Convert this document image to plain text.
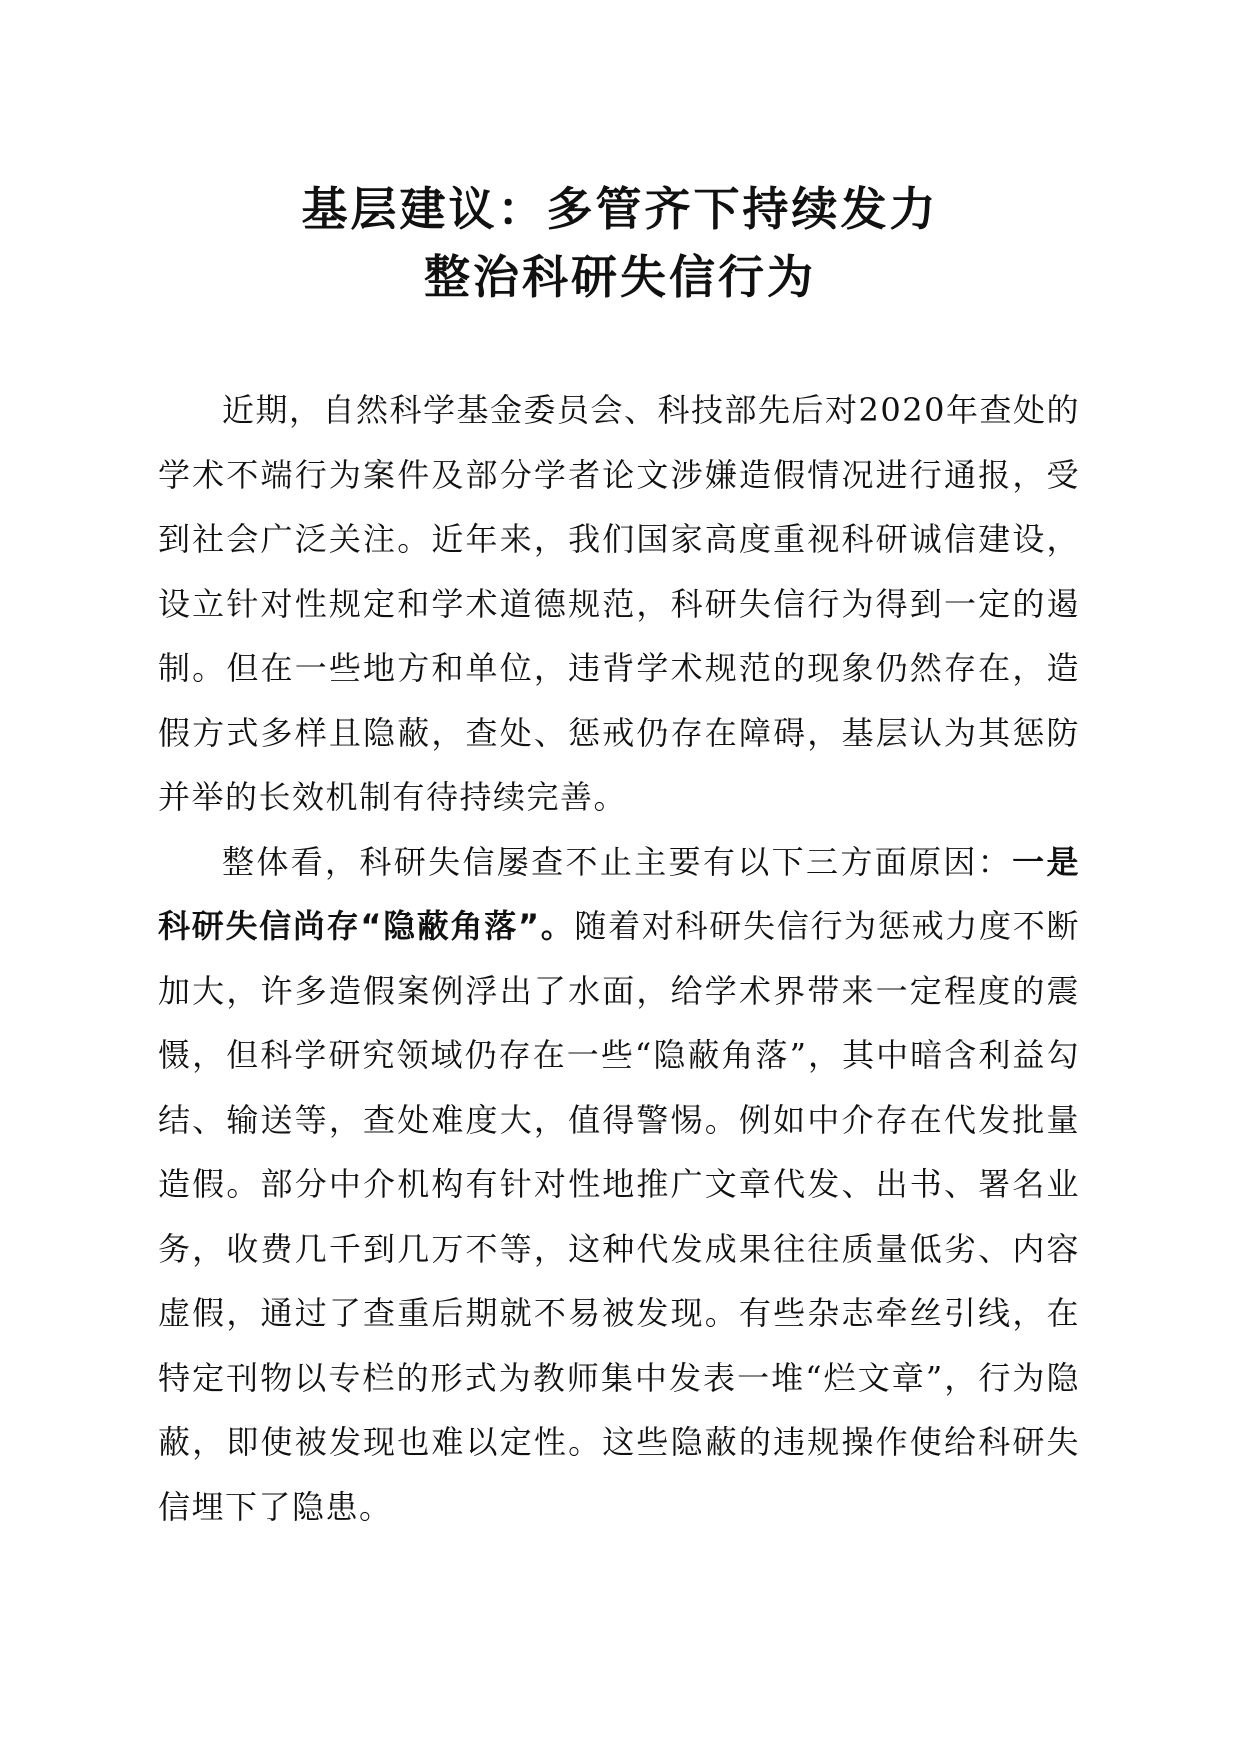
基层建议：多管齐下持续发力
整治科研失信行为

近期，自然科学基金委员会、科技部先后对2020年查处的学术不端行为案件及部分学者论文涉嫌造假情况进行通报，受到社会广泛关注。近年来，我们国家高度重视科研诚信建设，设立针对性规定和学术道德规范，科研失信行为得到一定的遏制。但在一些地方和单位，违背学术规范的现象仍然存在，造假方式多样且隐蔽，查处、惩戒仍存在障碍，基层认为其惩防并举的长效机制有待持续完善。

整体看，科研失信屡查不止主要有以下三方面原因：一是科研失信尚存“隐蔽角落”。随着对科研失信行为惩戒力度不断加大，许多造假案例浮出了水面，给学术界带来一定程度的震慑，但科学研究领域仍存在一些“隐蔽角落”，其中暗含利益勾结、输送等，查处难度大，值得警惕。例如中介存在代发批量造假。部分中介机构有针对性地推广文章代发、出书、署名业务，收费几千到几万不等，这种代发成果往往质量低劣、内容虚假，通过了查重后期就不易被发现。有些杂志牵丝引线，在特定刊物以专栏的形式为教师集中发表一堆“烂文章”，行为隐蔽，即使被发现也难以定性。这些隐蔽的违规操作使给科研失信埋下了隐患。
